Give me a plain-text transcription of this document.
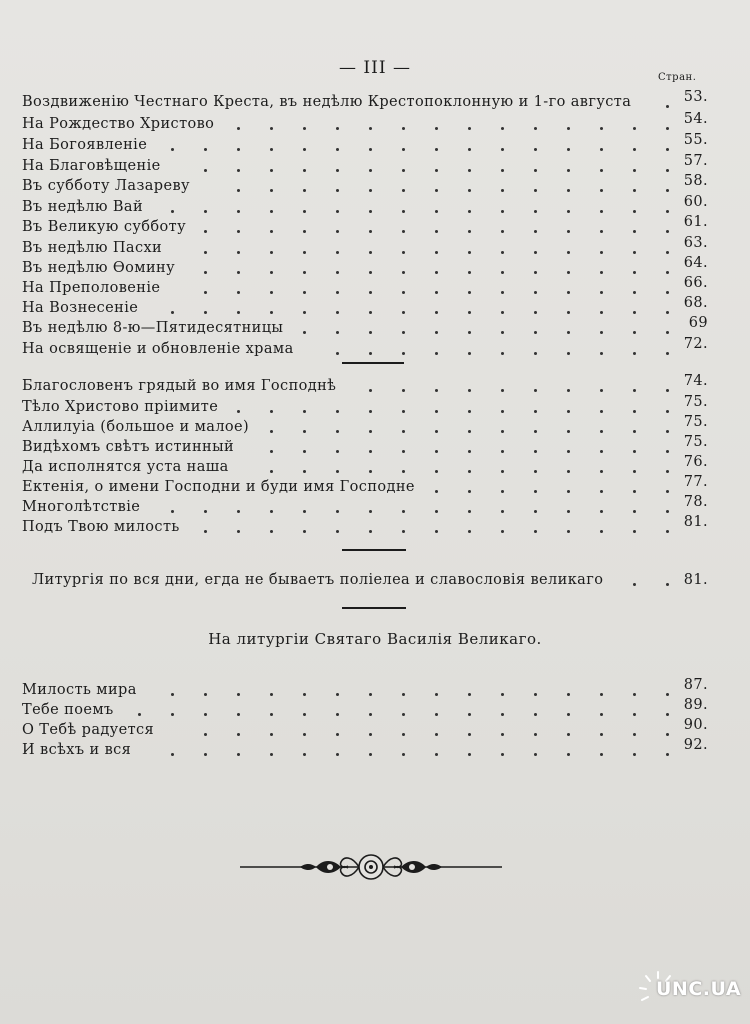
— III —	Стран.
Воздвиженію Честнаго Креста, въ недѣлю Крестопоклонную и 1-го августа	53.
На Рождество Христово	54.
На Богоявленіе	55.
На Благовѣщеніе	57.
Въ субботу Лазареву	58.
Въ недѣлю Вай	60.
Въ Великую субботу	61.
Въ недѣлю Пасхи	63.
Въ недѣлю Ѳомину	64.
На Преполовеніе	66.
На Вознесеніе	68.
Въ недѣлю 8-ю—Пятидесятницы	69
На освященіе и обновленіе храма	72.
Благословенъ грядый во имя Господнѣ	74.
Тѣло Христово пріимите	75.
Аллилуіа (большое и малое)	75.
Видѣхомъ свѣтъ истинный	75.
Да исполнятся уста наша	76.
Ектенія, о имени Господни и буди имя Господне	77.
Многолѣтствіе	78.
Подъ Твою милость	81.
Литургія по вся дни, егда не бываетъ поліелеа и славословія великаго	81.
На литургіи Святаго Василія Великаго.
Милость мира	87.
Тебе поемъ	89.
О Тебѣ радуется	90.
И всѣхъ и вся	92.
UNC.UA
